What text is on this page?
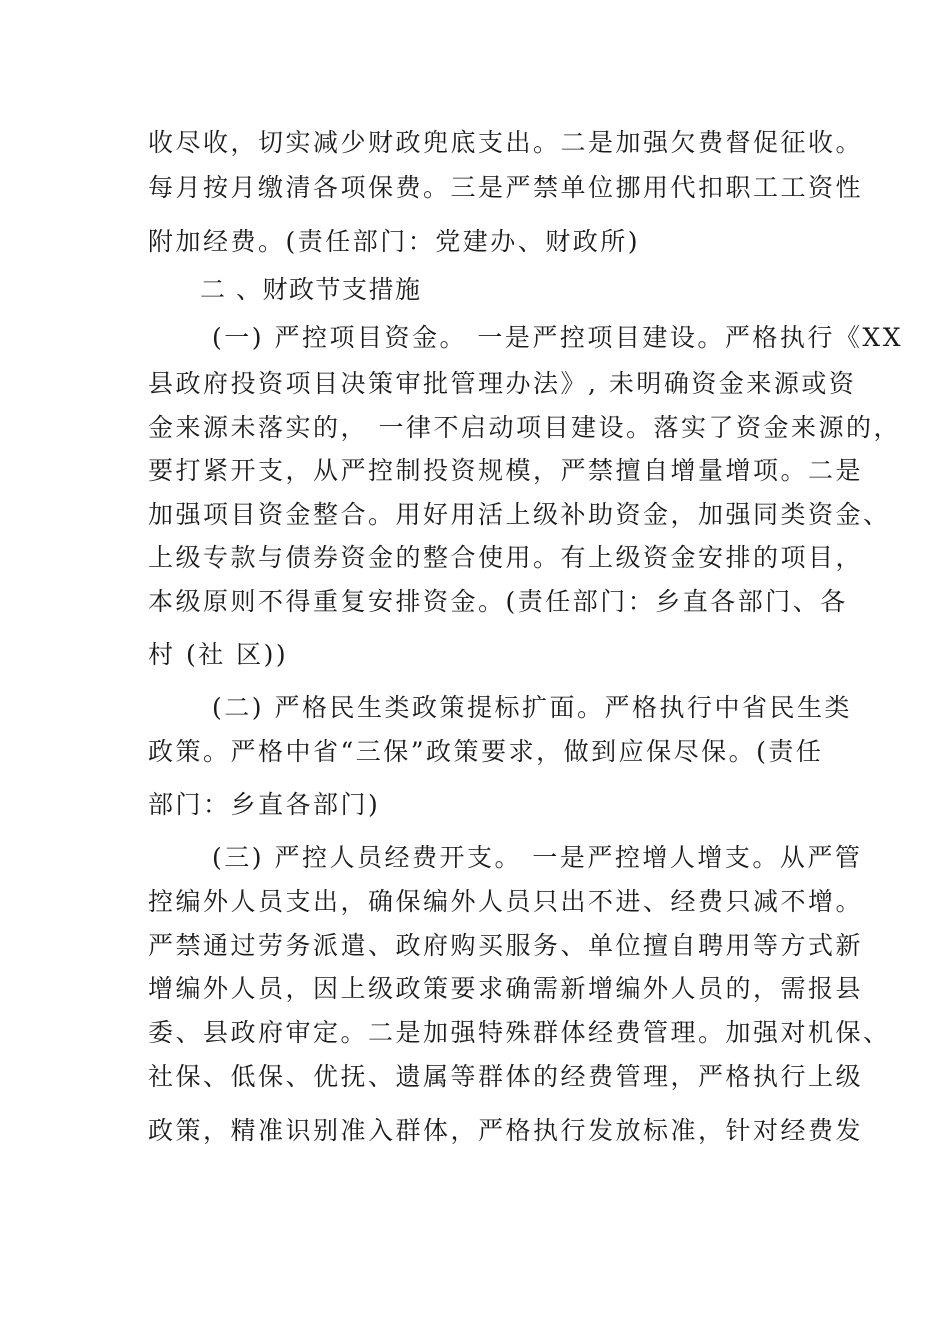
收尽收，切实减少财政兜底支出。二是加强欠费督促征收。
每月按月缴清各项保费。三是严禁单位挪用代扣职工工资性
附加经费。(责任部门：党建办、财政所)
二 、财政节支措施
(一) 严控项目资金。 一是严控项目建设。严格执行《XX
县政府投资项目决策审批管理办法》, 未明确资金来源或资
金来源未落实的， 一律不启动项目建设。落实了资金来源的，
要打紧开支，从严控制投资规模，严禁擅自增量增项。二是
加强项目资金整合。用好用活上级补助资金，加强同类资金、
上级专款与债券资金的整合使用。有上级资金安排的项目，
本级原则不得重复安排资金。(责任部门：乡直各部门、各
村 (社 区))
(二) 严格民生类政策提标扩面。严格执行中省民生类
政策。严格中省“三保”政策要求，做到应保尽保。(责任
部门：乡直各部门)
(三) 严控人员经费开支。 一是严控增人增支。从严管
控编外人员支出，确保编外人员只出不进、经费只减不增。
严禁通过劳务派遣、政府购买服务、单位擅自聘用等方式新
增编外人员，因上级政策要求确需新增编外人员的，需报县
委、县政府审定。二是加强特殊群体经费管理。加强对机保、
社保、低保、优抚、遗属等群体的经费管理，严格执行上级
政策，精准识别准入群体，严格执行发放标准，针对经费发
